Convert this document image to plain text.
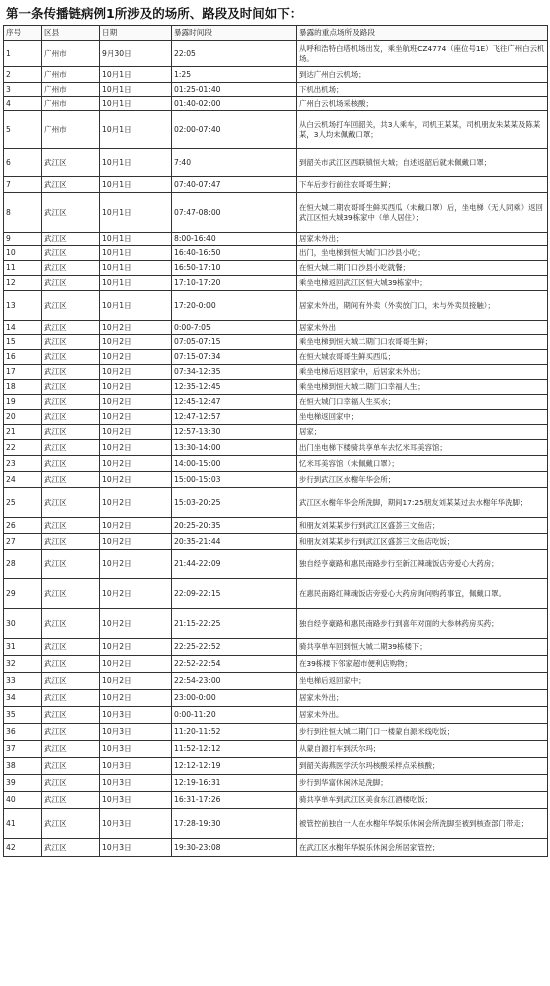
第一条传播链病例1所涉及的场所、路段及时间如下：
序号	区县	日期	暴露时间段	暴露的重点场所及路段
1	广州市	9月30日	22:05	从呼和浩特白塔机场出发，乘坐航班CZ4774（座位号1E）飞往广州白云机场。
2	广州市	10月1日	1:25	到达广州白云机场；
3	广州市	10月1日	01:25-01:40	下机出机场；
4	广州市	10月1日	01:40-02:00	广州白云机场采核酸；
5	广州市	10月1日	02:00-07:40	从白云机场打车回韶关，共3人乘车，司机王某某，司机朋友朱某某及陈某某，3人均未佩戴口罩；
6	武江区	10月1日	7:40	到韶关市武江区西联镇恒大城；自述返韶后就未佩戴口罩；
7	武江区	10月1日	07:40-07:47	下车后步行前往农哥哥生鲜；
8	武江区	10月1日	07:47-08:00	在恒大城二期农哥哥生鲜买西瓜（未戴口罩）后，坐电梯（无人同乘）返回武江区恒大城39栋家中（单人居住）；
9	武江区	10月1日	8:00-16:40	居家未外出；
10	武江区	10月1日	16:40-16:50	出门，坐电梯到恒大城门口沙县小吃；
11	武江区	10月1日	16:50-17:10	在恒大城二期门口沙县小吃就餐；
12	武江区	10月1日	17:10-17:20	乘坐电梯返回武江区恒大城39栋家中；
13	武江区	10月1日	17:20-0:00	居家未外出，期间有外卖（外卖放门口，未与外卖员接触）；
14	武江区	10月2日	0:00-7:05	居家未外出
15	武江区	10月2日	07:05-07:15	乘坐电梯到恒大城二期门口农哥哥生鲜；
16	武江区	10月2日	07:15-07:34	在恒大城农哥哥生鲜买西瓜；
17	武江区	10月2日	07:34-12:35	乘坐电梯后返回家中，后居家未外出；
18	武江区	10月2日	12:35-12:45	乘坐电梯到恒大城二期门口幸福人生；
19	武江区	10月2日	12:45-12:47	在恒大城门口幸福人生买水；
20	武江区	10月2日	12:47-12:57	坐电梯返回家中；
21	武江区	10月2日	12:57-13:30	居家；
22	武江区	10月2日	13:30-14:00	出门坐电梯下楼骑共享单车去忆米耳美容馆；
23	武江区	10月2日	14:00-15:00	忆米耳美容馆（未佩戴口罩）；
24	武江区	10月2日	15:00-15:03	步行到武江区水榭年华会所；
25	武江区	10月2日	15:03-20:25	武江区水榭年华会所洗脚，期间17:25朋友刘某某过去水榭年华洗脚；
26	武江区	10月2日	20:25-20:35	和朋友刘某某步行到武江区盛荟三文鱼店；
27	武江区	10月2日	20:35-21:44	和朋友刘某某步行到武江区盛荟三文鱼店吃饭；
28	武江区	10月2日	21:44-22:09	独自经亨豪路和惠民南路步行至新江辣魂饭店旁爱心大药房；
29	武江区	10月2日	22:09-22:15	在惠民南路红辣魂饭店旁爱心大药房询问购药事宜，佩戴口罩。
30	武江区	10月2日	21:15-22:25	独自经亨豪路和惠民南路步行到喜年对面的大参林药房买药；
31	武江区	10月2日	22:25-22:52	骑共享单车回到恒大城二期39栋楼下；
32	武江区	10月2日	22:52-22:54	在39栋楼下邻家超市便利店购物；
33	武江区	10月2日	22:54-23:00	坐电梯后返回家中；
34	武江区	10月2日	23:00-0:00	居家未外出；
35	武江区	10月3日	0:00-11:20	居家未外出。
36	武江区	10月3日	11:20-11:52	步行到往恒大城二期门口一楼蒙自源米线吃饭；
37	武江区	10月3日	11:52-12:12	从蒙自源打车到沃尔玛；
38	武江区	10月3日	12:12-12:19	到韶关海燕医学沃尔玛核酸采样点采核酸；
39	武江区	10月3日	12:19-16:31	步行到华富休闲沐足洗脚；
40	武江区	10月3日	16:31-17:26	骑共享单车到武江区美食东江酒楼吃饭；
41	武江区	10月3日	17:28-19:30	被管控前独自一人在水榭年华娱乐休闲会所洗脚至被到核查部门带走；
42	武江区	10月3日	19:30-23:08	在武江区水榭年华娱乐休闲会所居家管控；
